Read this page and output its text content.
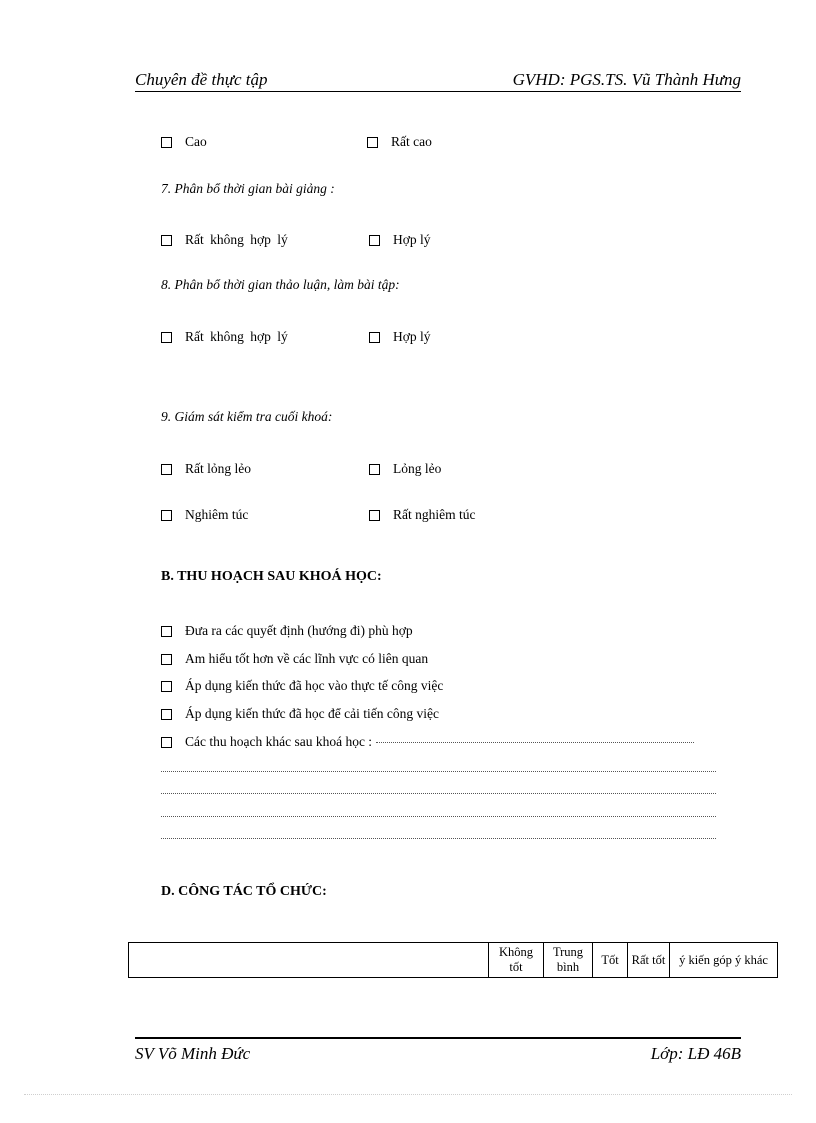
Chuyên đề thực tập	GVHD: PGS.TS. Vũ Thành Hưng
Cao	Rất cao
7. Phân bổ thời gian bài giảng :
Rất không hợp lý	Hợp lý
8. Phân bổ thời gian thảo luận, làm bài tập:
Rất không hợp lý	Hợp lý
9. Giám sát kiểm tra cuối khoá:
Rất lỏng lẻo	Lỏng lẻo
Nghiêm túc	Rất nghiêm túc
B. THU HOẠCH SAU KHOÁ HỌC:
Đưa ra các quyết định (hướng đi) phù hợp
Am hiểu tốt hơn về các lĩnh vực có liên quan
Áp dụng kiến thức đã học vào thực tế công việc
Áp dụng kiến thức đã học để cải tiến công việc
Các thu hoạch khác sau khoá học :
D. CÔNG TÁC TỔ CHỨC:
	Không tốt	Trung bình	Tốt	Rất tốt	ý kiến góp ý khác
SV Võ Minh Đức	Lớp: LĐ 46B
